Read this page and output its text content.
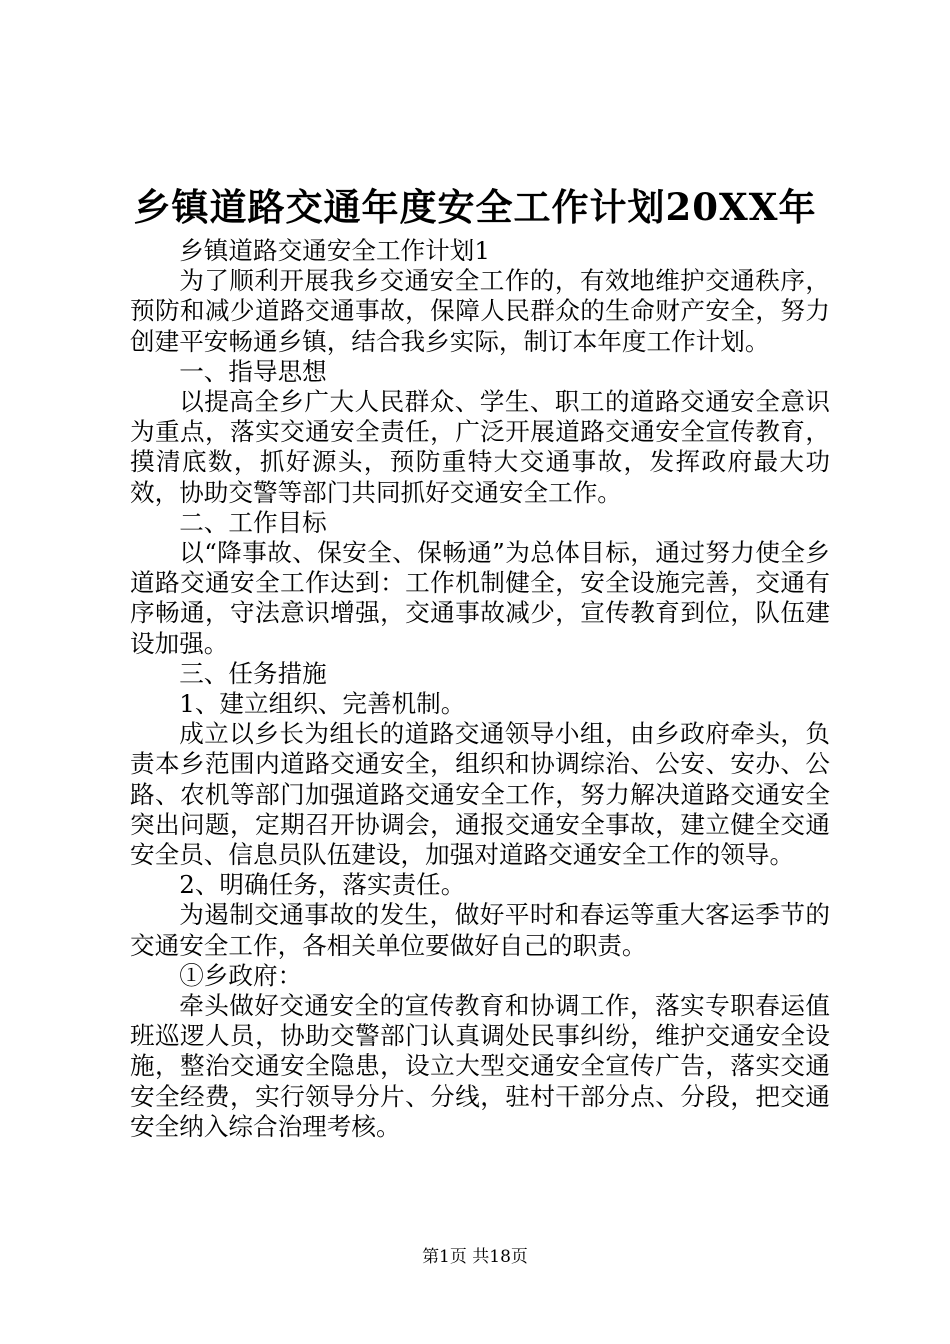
乡镇道路交通年度安全工作计划20XX年

乡镇道路交通安全工作计划1

为了顺利开展我乡交通安全工作的，有效地维护交通秩序，预防和减少道路交通事故，保障人民群众的生命财产安全，努力创建平安畅通乡镇，结合我乡实际，制订本年度工作计划。

一、指导思想

以提高全乡广大人民群众、学生、职工的道路交通安全意识为重点，落实交通安全责任，广泛开展道路交通安全宣传教育，摸清底数，抓好源头，预防重特大交通事故，发挥政府最大功效，协助交警等部门共同抓好交通安全工作。

二、工作目标

以“降事故、保安全、保畅通”为总体目标，通过努力使全乡道路交通安全工作达到：工作机制健全，安全设施完善，交通有序畅通，守法意识增强，交通事故减少，宣传教育到位，队伍建设加强。

三、任务措施

1、建立组织、完善机制。

成立以乡长为组长的道路交通领导小组，由乡政府牵头，负责本乡范围内道路交通安全，组织和协调综治、公安、安办、公路、农机等部门加强道路交通安全工作，努力解决道路交通安全突出问题，定期召开协调会，通报交通安全事故，建立健全交通安全员、信息员队伍建设，加强对道路交通安全工作的领导。

2、明确任务，落实责任。

为遏制交通事故的发生，做好平时和春运等重大客运季节的交通安全工作，各相关单位要做好自己的职责。

①乡政府：

牵头做好交通安全的宣传教育和协调工作，落实专职春运值班巡逻人员，协助交警部门认真调处民事纠纷，维护交通安全设施，整治交通安全隐患，设立大型交通安全宣传广告，落实交通安全经费，实行领导分片、分线，驻村干部分点、分段，把交通安全纳入综合治理考核。

第1页 共18页
